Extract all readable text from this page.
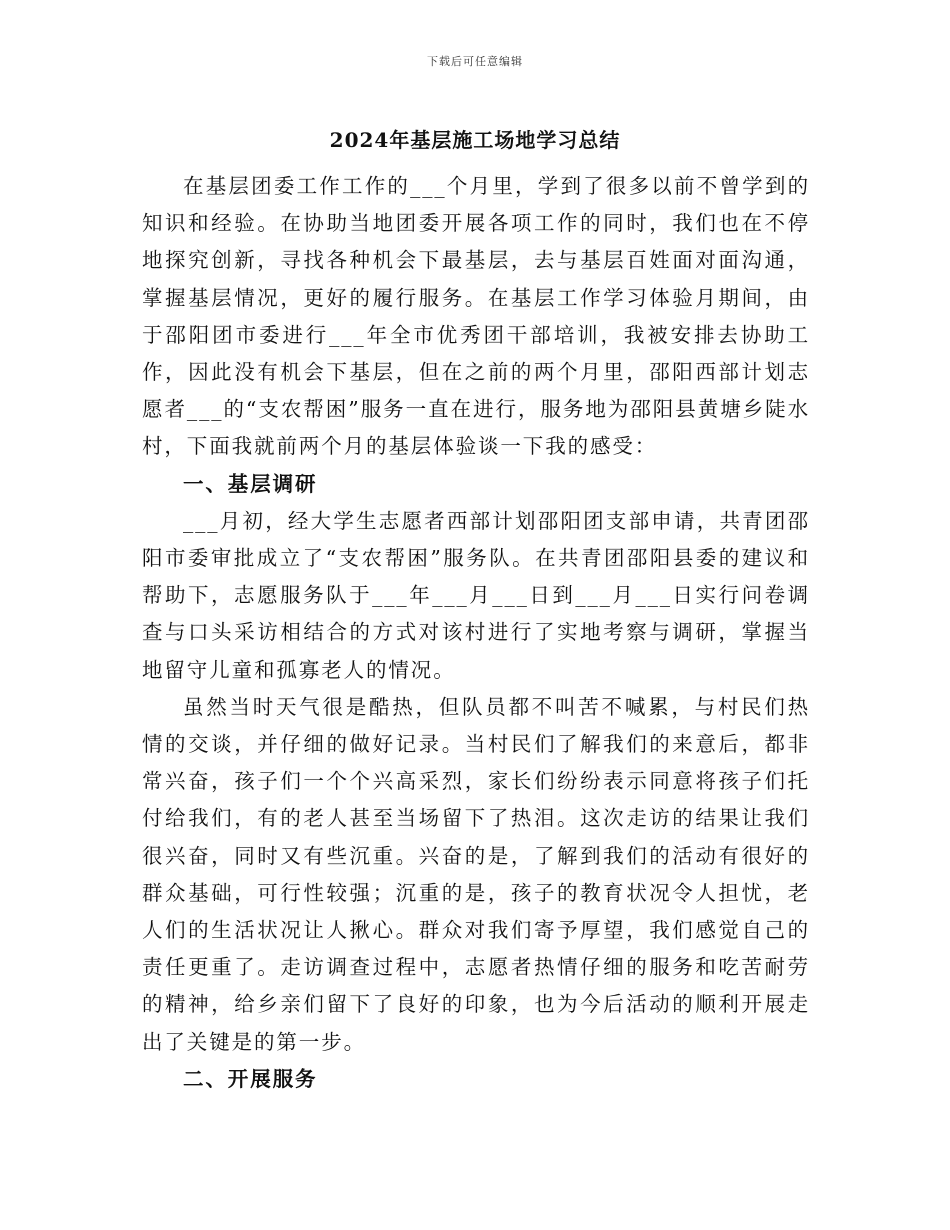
下载后可任意编辑
2024年基层施工场地学习总结

在基层团委工作工作的___个月里，学到了很多以前不曾学到的知识和经验。在协助当地团委开展各项工作的同时，我们也在不停地探究创新，寻找各种机会下最基层，去与基层百姓面对面沟通，掌握基层情况，更好的履行服务。在基层工作学习体验月期间，由于邵阳团市委进行___年全市优秀团干部培训，我被安排去协助工作，因此没有机会下基层，但在之前的两个月里，邵阳西部计划志愿者___的“支农帮困”服务一直在进行，服务地为邵阳县黄塘乡陡水村，下面我就前两个月的基层体验谈一下我的感受：

一、基层调研

___月初，经大学生志愿者西部计划邵阳团支部申请，共青团邵阳市委审批成立了“支农帮困”服务队。在共青团邵阳县委的建议和帮助下，志愿服务队于___年___月___日到___月___日实行问卷调查与口头采访相结合的方式对该村进行了实地考察与调研，掌握当地留守儿童和孤寡老人的情况。

虽然当时天气很是酷热，但队员都不叫苦不喊累，与村民们热情的交谈，并仔细的做好记录。当村民们了解我们的来意后，都非常兴奋，孩子们一个个兴高采烈，家长们纷纷表示同意将孩子们托付给我们，有的老人甚至当场留下了热泪。这次走访的结果让我们很兴奋，同时又有些沉重。兴奋的是，了解到我们的活动有很好的群众基础，可行性较强；沉重的是，孩子的教育状况令人担忧，老人们的生活状况让人揪心。群众对我们寄予厚望，我们感觉自己的责任更重了。走访调查过程中，志愿者热情仔细的服务和吃苦耐劳的精神，给乡亲们留下了良好的印象，也为今后活动的顺利开展走出了关键是的第一步。

二、开展服务
